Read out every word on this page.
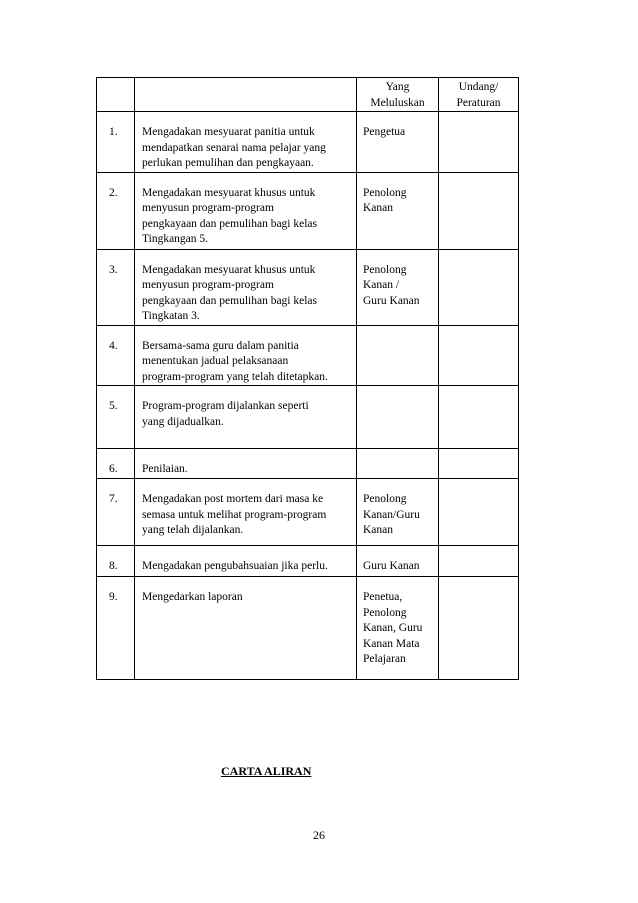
		Yang
Meluluskan	Undang/
Peraturan

1.	Mengadakan mesyuarat panitia untuk
mendapatkan senarai nama pelajar yang
perlukan pemulihan dan pengkayaan.	Pengetua	

2.	Mengadakan mesyuarat khusus untuk
menyusun program-program
pengkayaan dan pemulihan bagi kelas
Tingkangan 5.	Penolong
Kanan	

3.	Mengadakan mesyuarat khusus untuk
menyusun program-program
pengkayaan dan pemulihan bagi kelas
Tingkatan 3.	Penolong
Kanan /
Guru Kanan	

4.	Bersama-sama guru dalam panitia
menentukan jadual pelaksanaan
program-program yang telah ditetapkan.		

5.	Program-program dijalankan seperti
yang dijadualkan.		

6.	Penilaian.		

7.	Mengadakan post mortem dari masa ke
semasa untuk melihat program-program
yang telah dijalankan.	Penolong
Kanan/Guru
Kanan	

8.	Mengadakan pengubahsuaian jika perlu.	Guru Kanan	

9.	Mengedarkan laporan	Penetua,
Penolong
Kanan, Guru
Kanan Mata
Pelajaran	

CARTA ALIRAN
26
